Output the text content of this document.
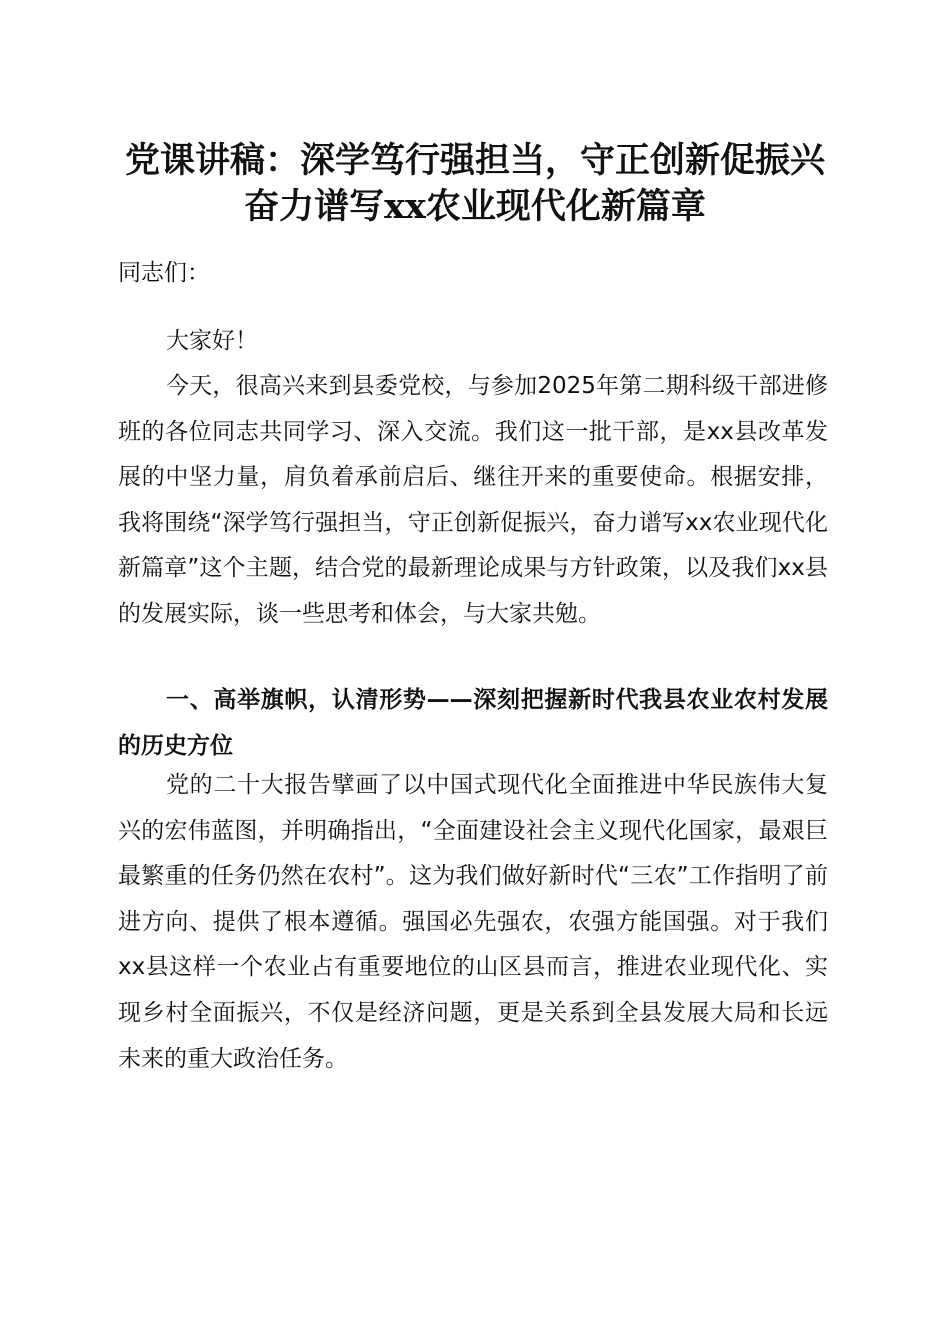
党课讲稿：深学笃行强担当，守正创新促振兴
奋力谱写xx农业现代化新篇章
同志们：
大家好！
今天，很高兴来到县委党校，与参加2025年第二期科级干部进修班的各位同志共同学习、深入交流。我们这一批干部，是xx县改革发展的中坚力量，肩负着承前启后、继往开来的重要使命。根据安排，我将围绕“深学笃行强担当，守正创新促振兴，奋力谱写xx农业现代化新篇章”这个主题，结合党的最新理论成果与方针政策，以及我们xx县的发展实际，谈一些思考和体会，与大家共勉。
一、高举旗帜，认清形势——深刻把握新时代我县农业农村发展的历史方位
党的二十大报告擘画了以中国式现代化全面推进中华民族伟大复兴的宏伟蓝图，并明确指出，“全面建设社会主义现代化国家，最艰巨最繁重的任务仍然在农村”。这为我们做好新时代“三农”工作指明了前进方向、提供了根本遵循。强国必先强农，农强方能国强。对于我们xx县这样一个农业占有重要地位的山区县而言，推进农业现代化、实现乡村全面振兴，不仅是经济问题，更是关系到全县发展大局和长远未来的重大政治任务。
